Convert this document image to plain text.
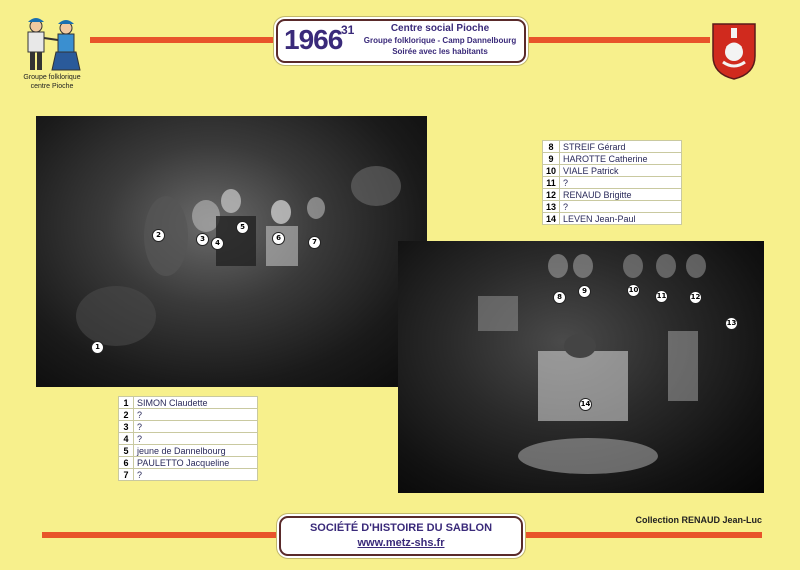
Groupe folklorique
centre Pioche
1966
31	Centre social Pioche
Groupe folklorique - Camp Dannelbourg
Soirée avec les habitants
1
2	3	4
5
6	7
8	STREIF Gérard
9	HAROTTE Catherine
10	VIALE Patrick
11	?
12	RENAUD Brigitte
13	?
14	LEVEN Jean-Paul
8
9	10
11	12
13
14
1	SIMON Claudette
2	?
3	?
4	?
5	jeune de Dannelbourg
6	PAULETTO Jacqueline
7	?
SOCIÉTÉ D'HISTOIRE DU SABLON
www.metz-shs.fr
Collection RENAUD Jean-Luc
